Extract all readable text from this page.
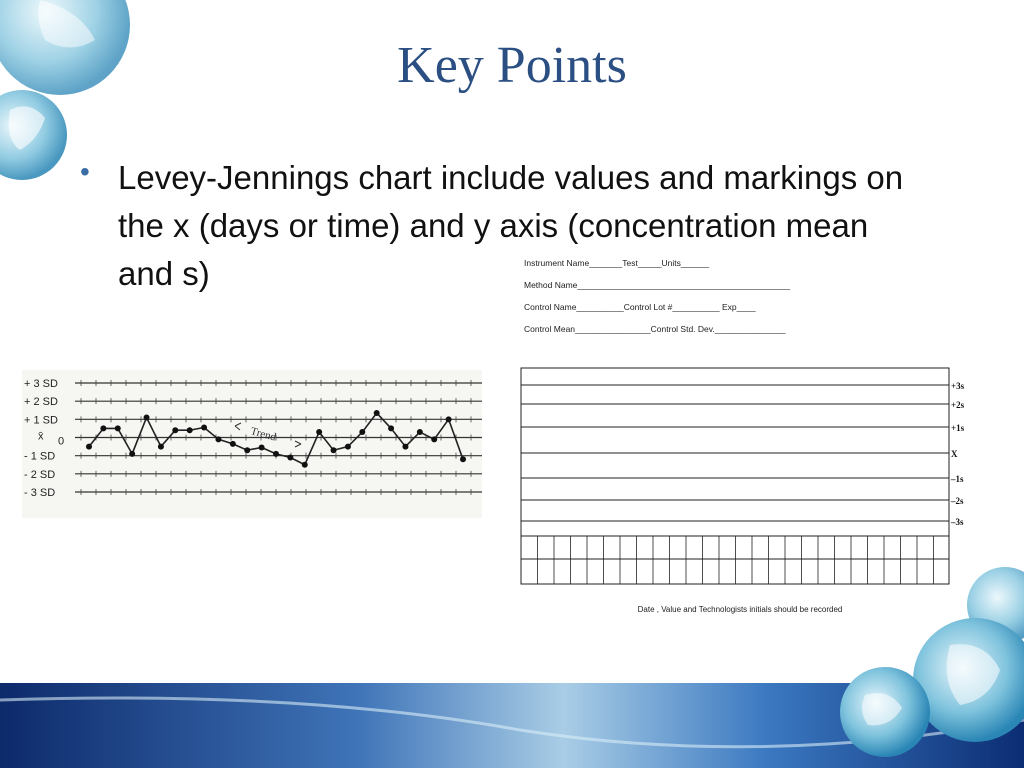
+ 3 SD
+ 2 SD
+ 1 SD
x̄ 0
- 1 SD
- 2 SD
- 3 SD
Trend
+3s
+2s
+1s
X
–1s
–2s
–3s
Key Points
• Levey-Jennings chart include values and markings on the x (days or time) and y axis (concentration mean and s)	Instrument Name_______Test_____Units______
Method Name_____________________________________________
Control Name__________Control Lot #__________ Exp____
Control Mean________________Control Std. Dev._______________
Date , Value and Technologists initials should be recorded
